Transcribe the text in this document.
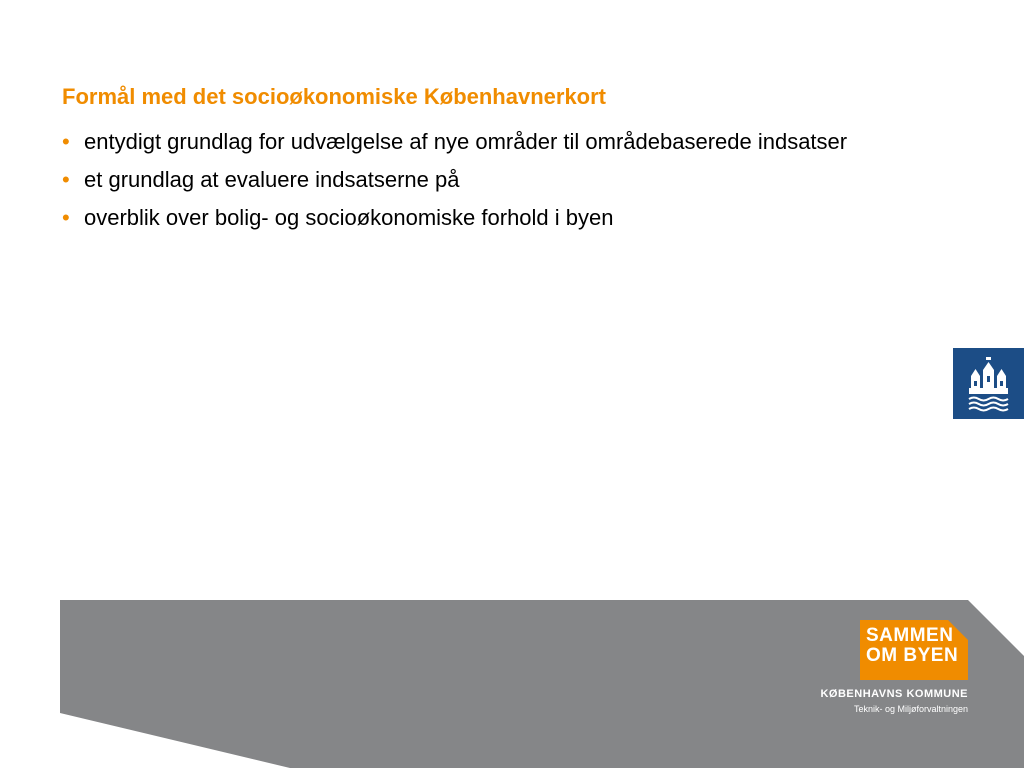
Formål med det socioøkonomiske Københavnerkort
• entydigt grundlag for udvælgelse af nye områder til områdebaserede indsatser
• et grundlag at evaluere indsatserne på
• overblik over bolig- og socioøkonomiske forhold i byen
SAMMEN
OM BYEN

KØBENHAVNS KOMMUNE

Teknik- og Miljøforvaltningen
